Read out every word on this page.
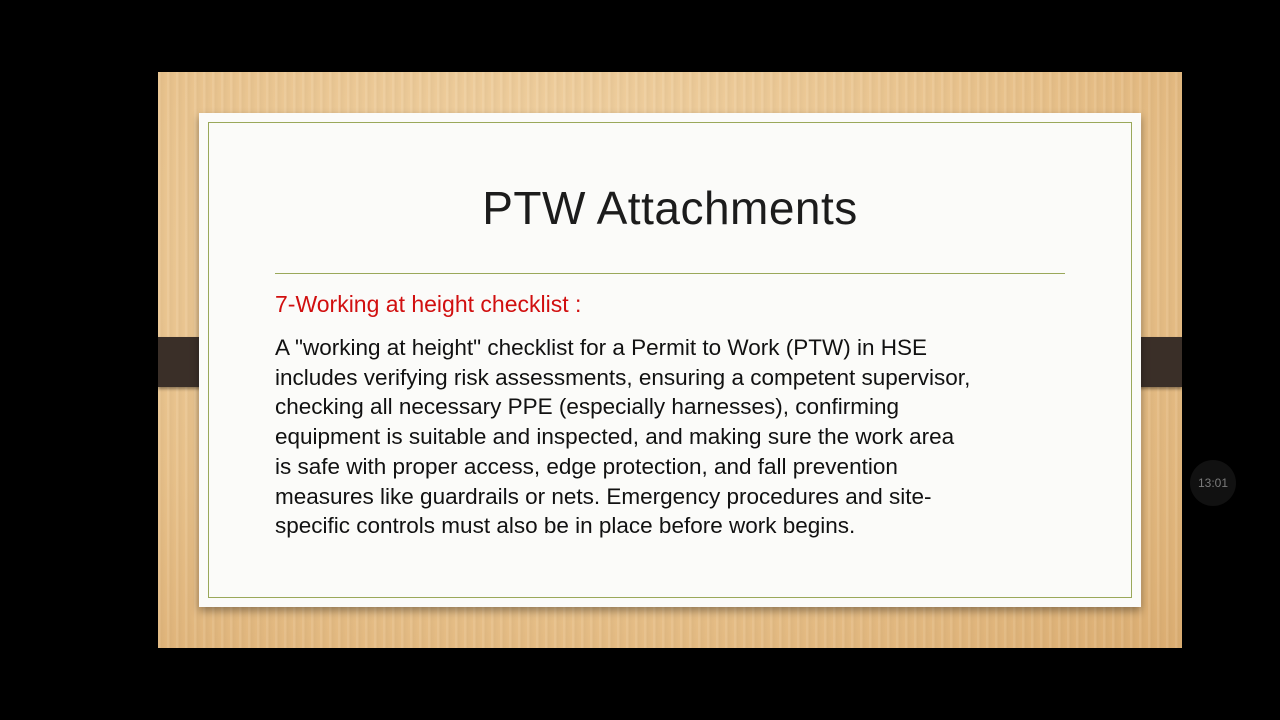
PTW Attachments
7-Working at height checklist :
A "working at height" checklist for a Permit to Work (PTW) in HSE
includes verifying risk assessments, ensuring a competent supervisor,
checking all necessary PPE (especially harnesses), confirming
equipment is suitable and inspected, and making sure the work area
is safe with proper access, edge protection, and fall prevention
measures like guardrails or nets. Emergency procedures and site-
specific controls must also be in place before work begins.
13:01
